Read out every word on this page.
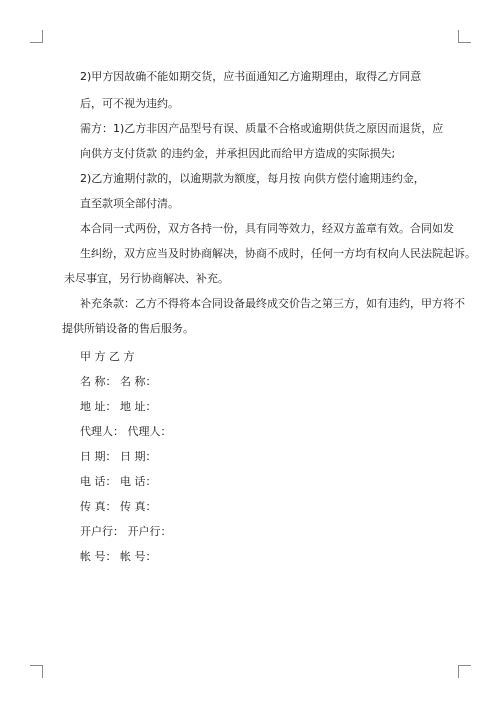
2)甲方因故确不能如期交货，应书面通知乙方逾期理由，取得乙方同意
后，可不视为违约。
需方：1)乙方非因产品型号有误、质量不合格或逾期供货之原因而退货，应
向供方支付货款 的违约金，并承担因此而给甲方造成的实际损失;
2)乙方逾期付款的，以逾期款为额度，每月按 向供方偿付逾期违约金，
直至款项全部付清。
本合同一式两份，双方各持一份，具有同等效力，经双方盖章有效。合同如发
生纠纷，双方应当及时协商解决，协商不成时，任何一方均有权向人民法院起诉。
未尽事宜，另行协商解决、补充。
补充条款：乙方不得将本合同设备最终成交价告之第三方，如有违约，甲方将不
提供所销设备的售后服务。
甲 方 乙 方
名 称： 名 称：
地 址： 地 址：
代理人： 代理人：
日 期： 日 期：
电 话： 电 话：
传 真： 传 真：
开户行： 开户行：
帐 号： 帐 号：
